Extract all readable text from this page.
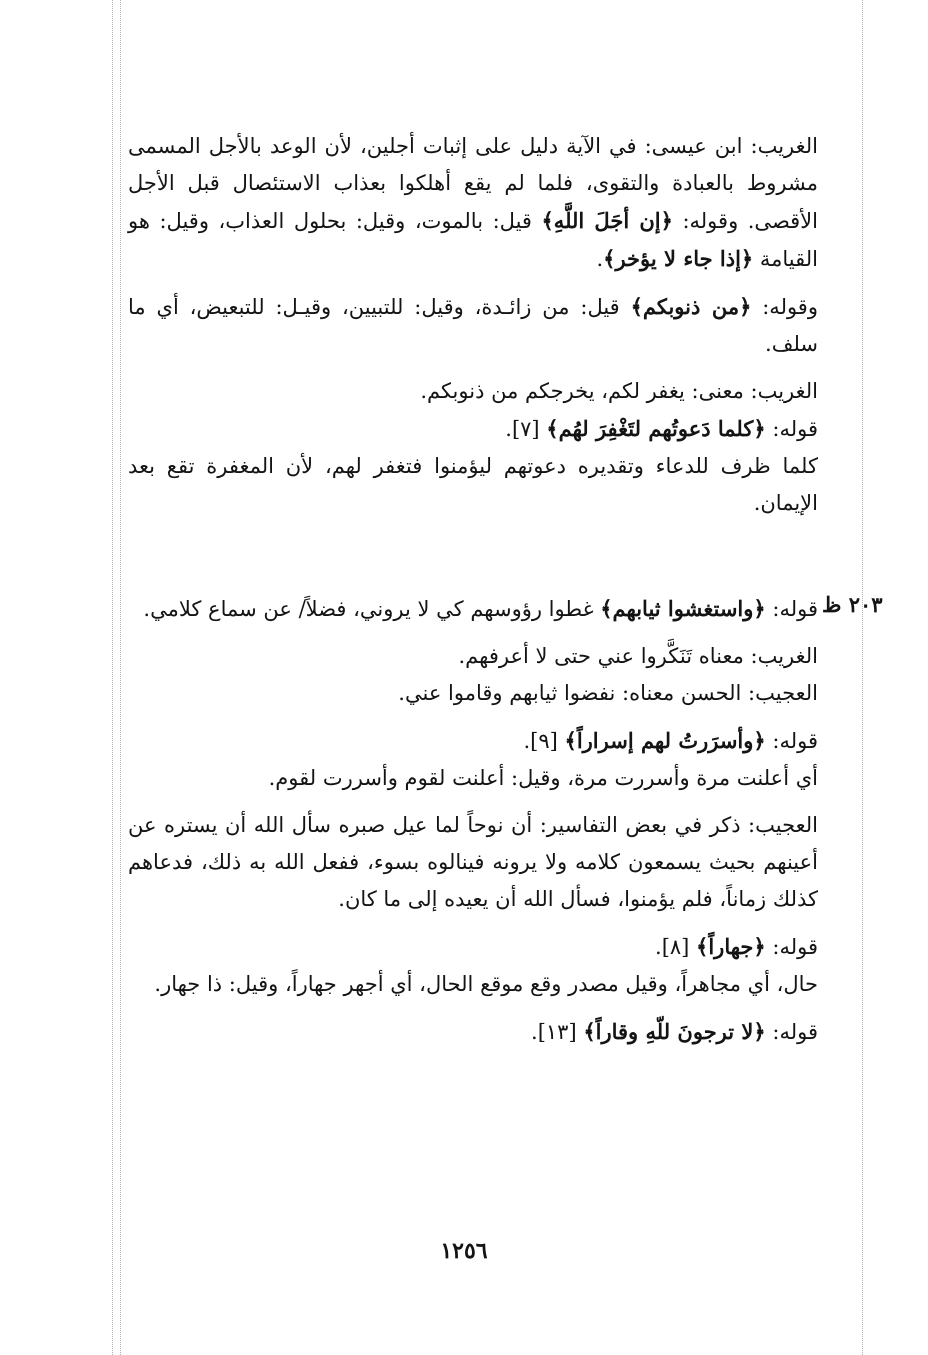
٢٠٣ ظ

الغريب: ابن عيسى: في الآية دليل على إثبات أجلين، لأن الوعد بالأجل المسمى مشروط بالعبادة والتقوى، فلما لم يقع أهلكوا بعذاب الاستئصال قبل الأجل الأقصى. وقوله: ﴿إن أجَلَ اللَّهِ﴾ قيل: بالموت، وقيل: بحلول العذاب، وقيل: هو القيامة ﴿إذا جاء لا يؤخر﴾.

وقوله: ﴿من ذنوبكم﴾ قيل: من زائـدة، وقيل: للتبيين، وقيـل: للتبعيض، أي ما سلف.

الغريب: معنى: يغفر لكم، يخرجكم من ذنوبكم.

قوله: ﴿كلما دَعوتُهم لتَغْفِرَ لهُم﴾ [٧].

كلما ظرف للدعاء وتقديره دعوتهم ليؤمنوا فتغفر لهم، لأن المغفرة تقع بعد الإيمان.

قوله: ﴿واستغشوا ثيابهم﴾ غطوا رؤوسهم كي لا يروني، فضلاً/ عن سماع كلامي.

الغريب: معناه تَنَكَّروا عني حتى لا أعرفهم.

العجيب: الحسن معناه: نفضوا ثيابهم وقاموا عني.

قوله: ﴿وأسرَرتُ لهم إسراراً﴾ [٩].

أي أعلنت مرة وأسررت مرة، وقيل: أعلنت لقوم وأسررت لقوم.

العجيب: ذكر في بعض التفاسير: أن نوحاً لما عيل صبره سأل الله أن يستره عن أعينهم بحيث يسمعون كلامه ولا يرونه فينالوه بسوء، ففعل الله به ذلك، فدعاهم كذلك زماناً، فلم يؤمنوا، فسأل الله أن يعيده إلى ما كان.

قوله: ﴿جهاراً﴾ [٨].

حال، أي مجاهراً، وقيل مصدر وقع موقع الحال، أي أجهر جهاراً، وقيل: ذا جهار.

قوله: ﴿لا ترجونَ للّهِ وقاراً﴾ [١٣].

١٢٥٦
